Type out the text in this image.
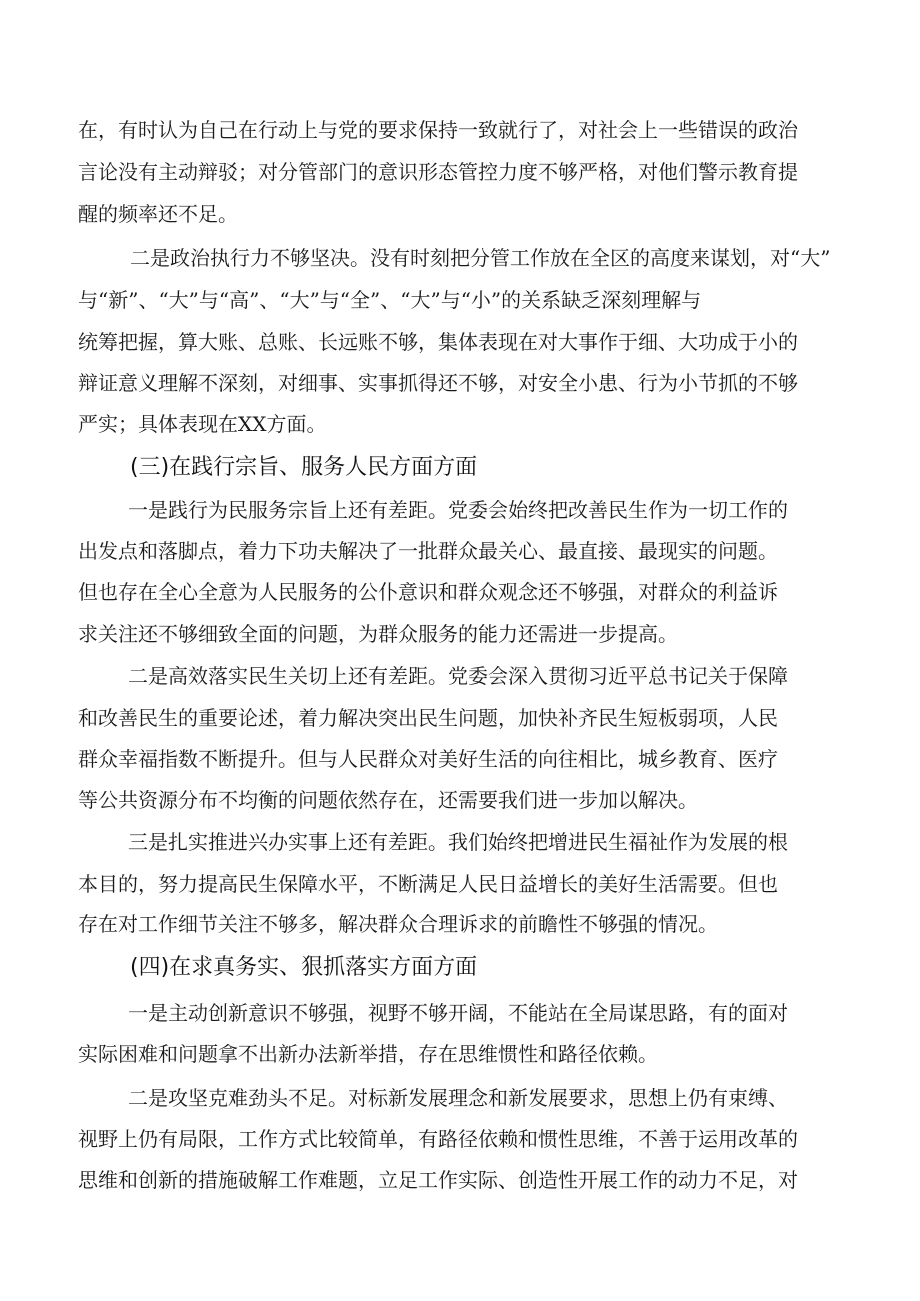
在，有时认为自己在行动上与党的要求保持一致就行了，对社会上一些错误的政治
言论没有主动辩驳；对分管部门的意识形态管控力度不够严格，对他们警示教育提
醒的频率还不足。
二是政治执行力不够坚决。没有时刻把分管工作放在全区的高度来谋划，对“大”
与“新”、“大”与“高”、“大”与“全”、“大”与“小”的关系缺乏深刻理解与
统筹把握，算大账、总账、长远账不够，集体表现在对大事作于细、大功成于小的
辩证意义理解不深刻，对细事、实事抓得还不够，对安全小患、行为小节抓的不够
严实；具体表现在XX方面。
(三)在践行宗旨、服务人民方面方面
一是践行为民服务宗旨上还有差距。党委会始终把改善民生作为一切工作的
出发点和落脚点，着力下功夫解决了一批群众最关心、最直接、最现实的问题。
但也存在全心全意为人民服务的公仆意识和群众观念还不够强，对群众的利益诉
求关注还不够细致全面的问题，为群众服务的能力还需进一步提高。
二是高效落实民生关切上还有差距。党委会深入贯彻习近平总书记关于保障
和改善民生的重要论述，着力解决突出民生问题，加快补齐民生短板弱项，人民
群众幸福指数不断提升。但与人民群众对美好生活的向往相比，城乡教育、医疗
等公共资源分布不均衡的问题依然存在，还需要我们进一步加以解决。
三是扎实推进兴办实事上还有差距。我们始终把增进民生福祉作为发展的根
本目的，努力提高民生保障水平，不断满足人民日益增长的美好生活需要。但也
存在对工作细节关注不够多，解决群众合理诉求的前瞻性不够强的情况。
(四)在求真务实、狠抓落实方面方面
一是主动创新意识不够强，视野不够开阔，不能站在全局谋思路，有的面对
实际困难和问题拿不出新办法新举措，存在思维惯性和路径依赖。
二是攻坚克难劲头不足。对标新发展理念和新发展要求，思想上仍有束缚、
视野上仍有局限，工作方式比较简单，有路径依赖和惯性思维，不善于运用改革的
思维和创新的措施破解工作难题，立足工作实际、创造性开展工作的动力不足，对
